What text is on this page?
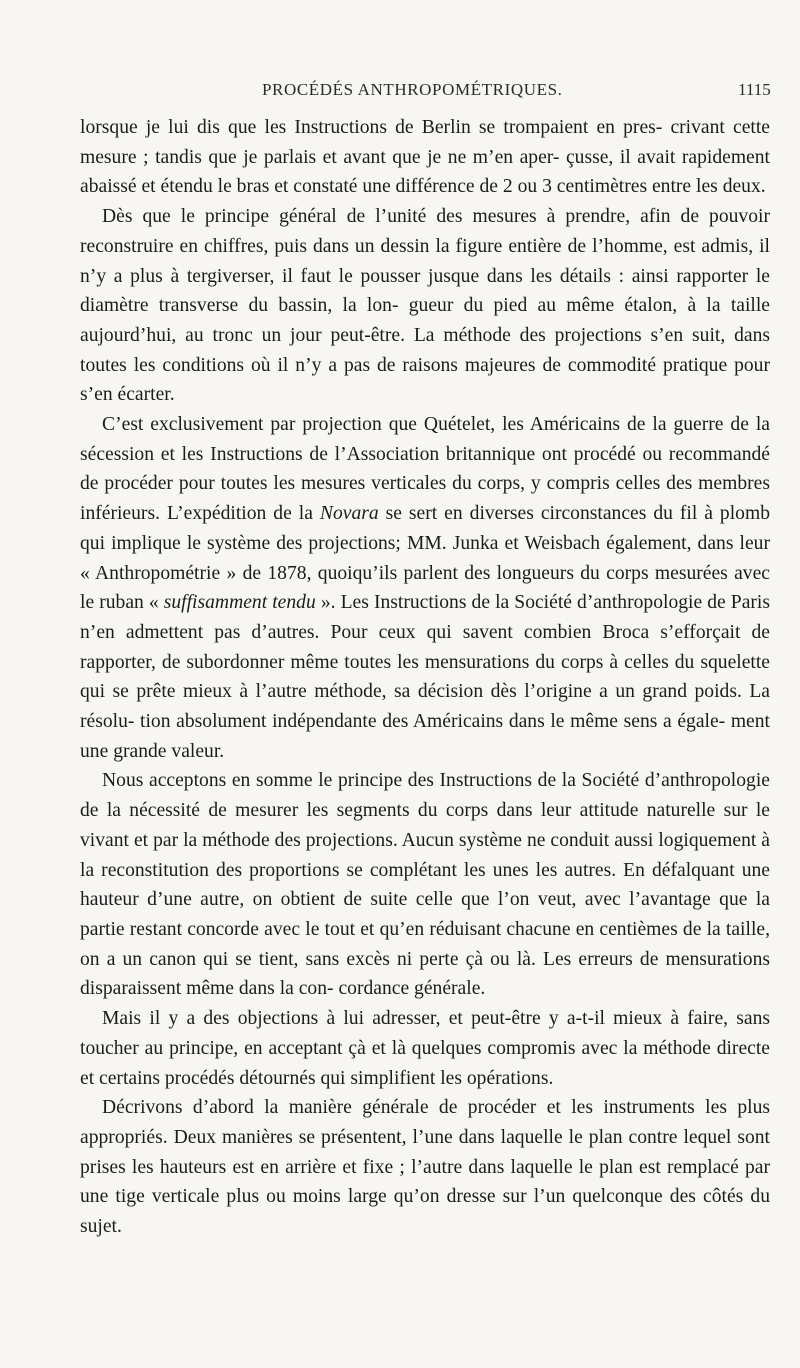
PROCÉDÉS ANTHROPOMÉTRIQUES.	1115

lorsque je lui dis que les Instructions de Berlin se trompaient en pres- crivant cette mesure ; tandis que je parlais et avant que je ne m’en aper- çusse, il avait rapidement abaissé et étendu le bras et constaté une différence de 2 ou 3 centimètres entre les deux.

Dès que le principe général de l’unité des mesures à prendre, afin de pouvoir reconstruire en chiffres, puis dans un dessin la figure entière de l’homme, est admis, il n’y a plus à tergiverser, il faut le pousser jusque dans les détails : ainsi rapporter le diamètre transverse du bassin, la lon- gueur du pied au même étalon, à la taille aujourd’hui, au tronc un jour peut-être. La méthode des projections s’en suit, dans toutes les conditions où il n’y a pas de raisons majeures de commodité pratique pour s’en écarter.

C’est exclusivement par projection que Quételet, les Américains de la guerre de la sécession et les Instructions de l’Association britannique ont procédé ou recommandé de procéder pour toutes les mesures verticales du corps, y compris celles des membres inférieurs. L’expédition de la Novara se sert en diverses circonstances du fil à plomb qui implique le système des projections; MM. Junka et Weisbach également, dans leur « Anthropométrie » de 1878, quoiqu’ils parlent des longueurs du corps mesurées avec le ruban « suffisamment tendu ». Les Instructions de la Société d’anthropologie de Paris n’en admettent pas d’autres. Pour ceux qui savent combien Broca s’efforçait de rapporter, de subordonner même toutes les mensurations du corps à celles du squelette qui se prête mieux à l’autre méthode, sa décision dès l’origine a un grand poids. La résolu- tion absolument indépendante des Américains dans le même sens a égale- ment une grande valeur.

Nous acceptons en somme le principe des Instructions de la Société d’anthropologie de la nécessité de mesurer les segments du corps dans leur attitude naturelle sur le vivant et par la méthode des projections. Aucun système ne conduit aussi logiquement à la reconstitution des proportions se complétant les unes les autres. En défalquant une hauteur d’une autre, on obtient de suite celle que l’on veut, avec l’avantage que la partie restant concorde avec le tout et qu’en réduisant chacune en centièmes de la taille, on a un canon qui se tient, sans excès ni perte çà ou là. Les erreurs de mensurations disparaissent même dans la con- cordance générale.

Mais il y a des objections à lui adresser, et peut-être y a-t-il mieux à faire, sans toucher au principe, en acceptant çà et là quelques compromis avec la méthode directe et certains procédés détournés qui simplifient les opérations.

Décrivons d’abord la manière générale de procéder et les instruments les plus appropriés. Deux manières se présentent, l’une dans laquelle le plan contre lequel sont prises les hauteurs est en arrière et fixe ; l’autre dans laquelle le plan est remplacé par une tige verticale plus ou moins large qu’on dresse sur l’un quelconque des côtés du sujet.
